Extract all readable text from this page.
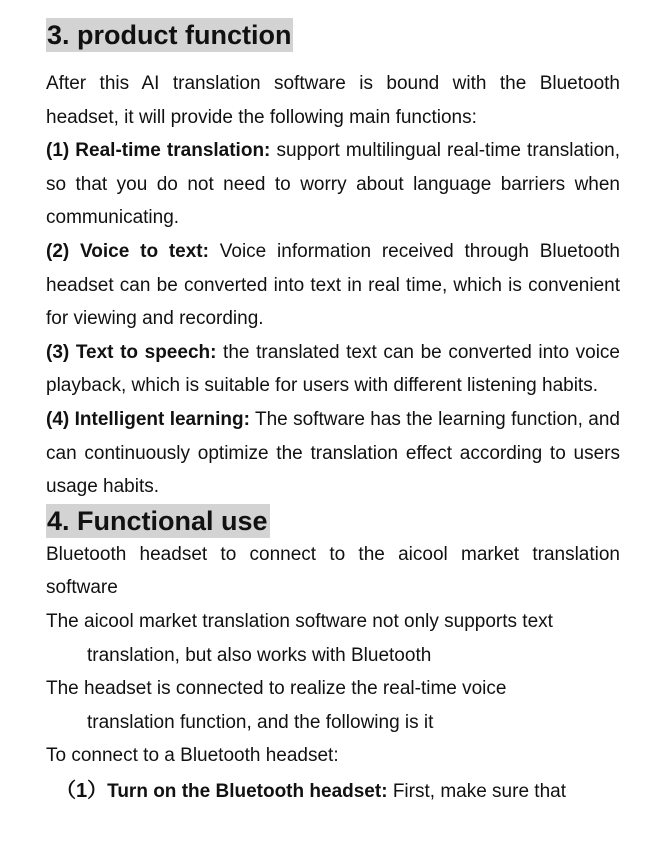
3. product function

After this AI translation software is bound with the Bluetooth headset, it will provide the following main functions:

(1) Real-time translation: support multilingual real-time translation, so that you do not need to worry about language barriers when communicating.

(2) Voice to text: Voice information received through Bluetooth headset can be converted into text in real time, which is convenient for viewing and recording.

(3) Text to speech: the translated text can be converted into voice playback, which is suitable for users with different listening habits.

(4) Intelligent learning: The software has the learning function, and can continuously optimize the translation effect according to users usage habits.

4. Functional use

Bluetooth headset to connect to the aicool market translation software

The aicool market translation software not only supports text
translation, but also works with Bluetooth

The headset is connected to realize the real-time voice
translation function, and the following is it

To connect to a Bluetooth headset:

（1）Turn on the Bluetooth headset: First, make sure that
